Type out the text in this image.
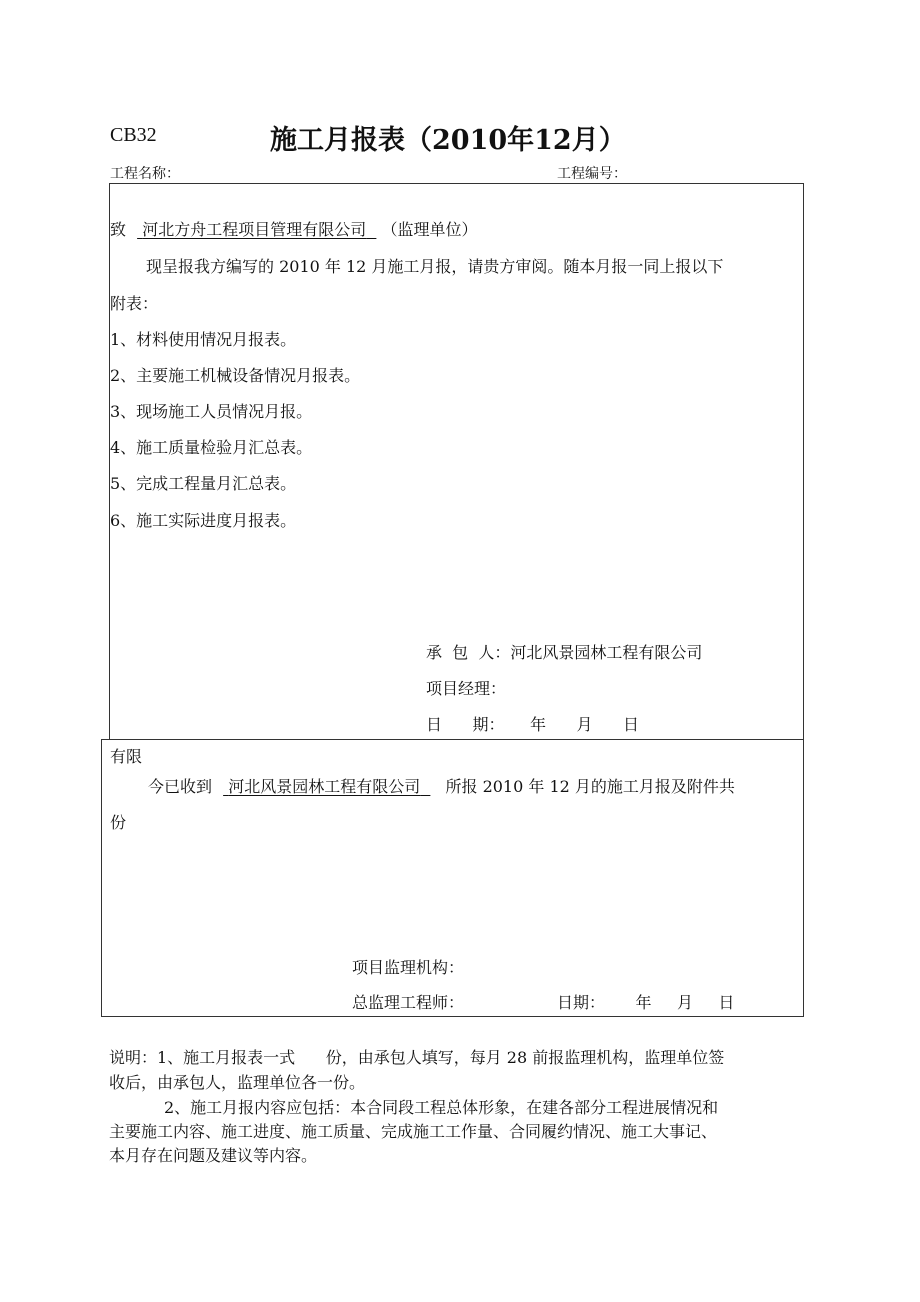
CB32	施工月报表（2010年12月）
工程名称：	工程编号：
致 河北方舟工程项目管理有限公司 （监理单位）
现呈报我方编写的 2010 年 12 月施工月报，请贵方审阅。随本月报一同上报以下
附表：
1、材料使用情况月报表。
2、主要施工机械设备情况月报表。
3、现场施工人员情况月报。
4、施工质量检验月汇总表。
5、完成工程量月汇总表。
6、施工实际进度月报表。
承  包  人：河北风景园林工程有限公司
项目经理：
日      期：     年      月      日
有限
今已收到 河北风景园林工程有限公司 所报 2010 年 12 月的施工月报及附件共
份
项目监理机构：
总监理工程师：	日期：      年     月     日
说明：1、施工月报表一式      份，由承包人填写，每月 28 前报监理机构，监理单位签
收后，由承包人，监理单位各一份。
2、施工月报内容应包括：本合同段工程总体形象，在建各部分工程进展情况和
主要施工内容、施工进度、施工质量、完成施工工作量、合同履约情况、施工大事记、
本月存在问题及建议等内容。
